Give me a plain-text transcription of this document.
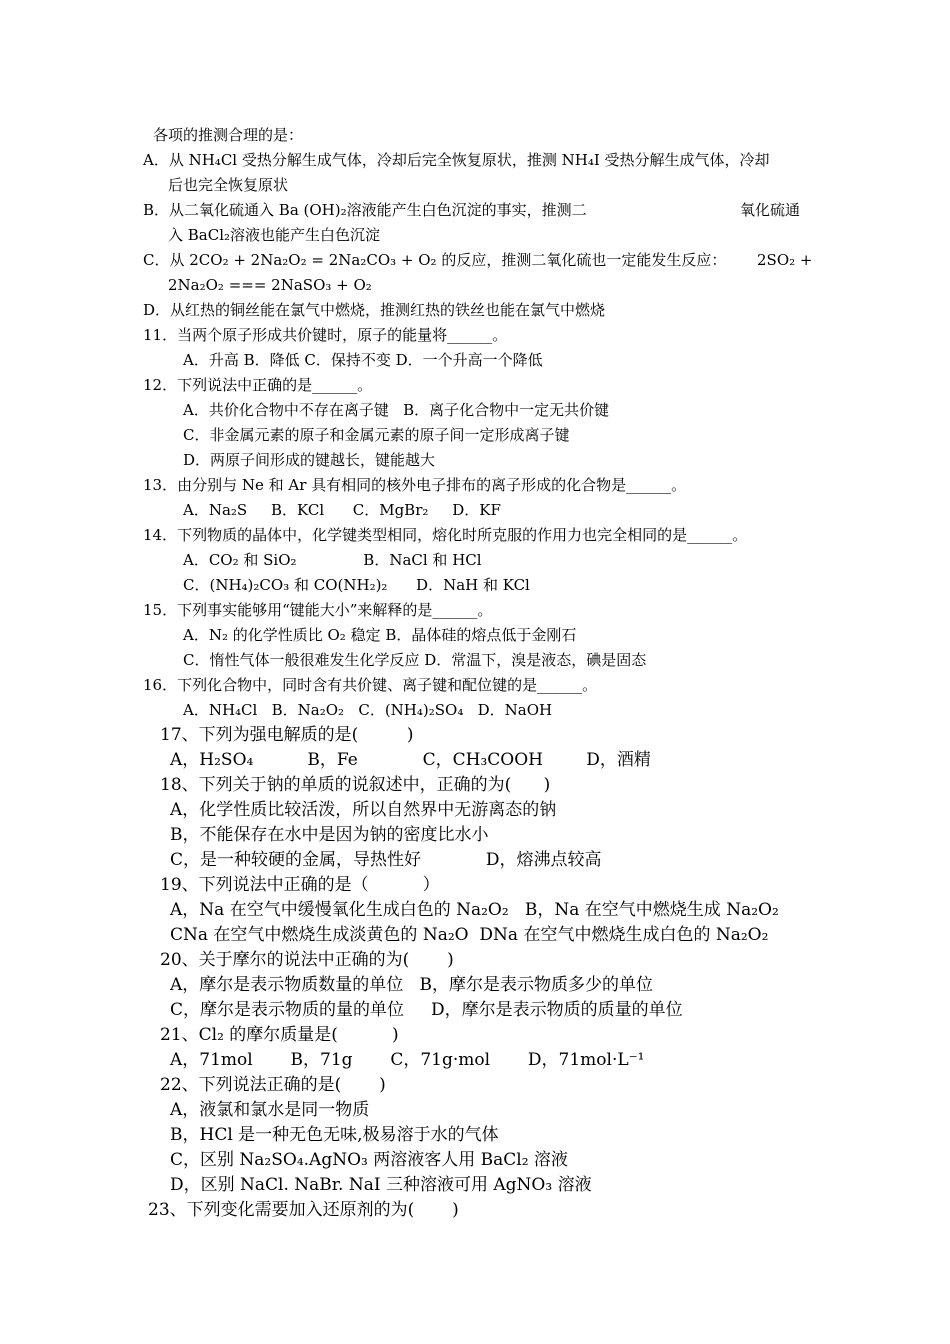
各项的推测合理的是：
A．从 NH₄Cl 受热分解生成气体，冷却后完全恢复原状，推测 NH₄I 受热分解生成气体，冷却
后也完全恢复原状
B．从二氧化硫通入 Ba (OH)₂溶液能产生白色沉淀的事实，推测二	氧化硫通
入 BaCl₂溶液也能产生白色沉淀
C．从 2CO₂ + 2Na₂O₂ = 2Na₂CO₃ + O₂ 的反应，推测二氧化硫也一定能发生反应： 2SO₂ +
2Na₂O₂ === 2NaSO₃ + O₂
D．从红热的铜丝能在氯气中燃烧，推测红热的铁丝也能在氯气中燃烧
11．当两个原子形成共价键时，原子的能量将______。
A．升高 B．降低 C．保持不变 D．一个升高一个降低
12．下列说法中正确的是______。
A．共价化合物中不存在离子键   B．离子化合物中一定无共价键
C．非金属元素的原子和金属元素的原子间一定形成离子键
D．两原子间形成的键越长，键能越大
13．由分别与 Ne 和 Ar 具有相同的核外电子排布的离子形成的化合物是______。
A．Na₂S     B．KCl      C．MgBr₂     D．KF
14．下列物质的晶体中，化学键类型相同，熔化时所克服的作用力也完全相同的是______。
A．CO₂ 和 SiO₂              B．NaCl 和 HCl
C．(NH₄)₂CO₃ 和 CO(NH₂)₂      D．NaH 和 KCl
15．下列事实能够用“键能大小”来解释的是______。
A．N₂ 的化学性质比 O₂ 稳定 B．晶体硅的熔点低于金刚石
C．惰性气体一般很难发生化学反应 D．常温下，溴是液态，碘是固态
16．下列化合物中，同时含有共价键、离子键和配位键的是______。
A．NH₄Cl   B．Na₂O₂   C．(NH₄)₂SO₄   D．NaOH
17、下列为强电解质的是(         )
A，H₂SO₄          B，Fe            C，CH₃COOH        D，酒精
18、下列关于钠的单质的说叙述中，正确的为(      )
A，化学性质比较活泼，所以自然界中无游离态的钠
B，不能保存在水中是因为钠的密度比水小
C，是一种较硬的金属，导热性好            D，熔沸点较高
19、下列说法中正确的是（          ）
A，Na 在空气中缓慢氧化生成白色的 Na₂O₂   B，Na 在空气中燃烧生成 Na₂O₂
CNa 在空气中燃烧生成淡黄色的 Na₂O  DNa 在空气中燃烧生成白色的 Na₂O₂
20、关于摩尔的说法中正确的为(       )
A，摩尔是表示物质数量的单位   B，摩尔是表示物质多少的单位
C，摩尔是表示物质的量的单位     D，摩尔是表示物质的质量的单位
21、Cl₂ 的摩尔质量是(          )
A，71mol       B，71g       C，71g·mol       D，71mol·L⁻¹
22、下列说法正确的是(       )
A，液氯和氯水是同一物质
B，HCl 是一种无色无味,极易溶于水的气体
C，区别 Na₂SO₄.AgNO₃ 两溶液客人用 BaCl₂ 溶液
D，区别 NaCl. NaBr. NaI 三种溶液可用 AgNO₃ 溶液
23、下列变化需要加入还原剂的为(       )
